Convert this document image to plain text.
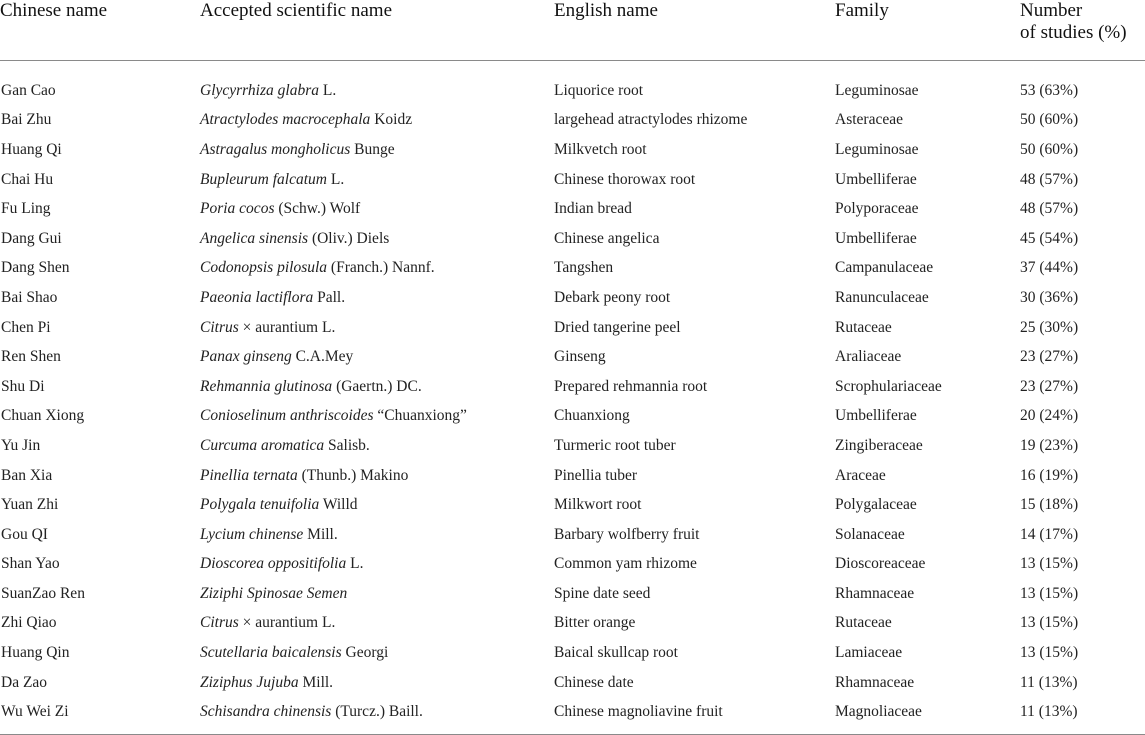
Chinese name	Accepted scientific name	English name	Family	Number
of studies (%)

Gan Cao	Glycyrrhiza glabra L.	Liquorice root	Leguminosae	53 (63%)
Bai Zhu	Atractylodes macrocephala Koidz	largehead atractylodes rhizome	Asteraceae	50 (60%)
Huang Qi	Astragalus mongholicus Bunge	Milkvetch root	Leguminosae	50 (60%)
Chai Hu	Bupleurum falcatum L.	Chinese thorowax root	Umbelliferae	48 (57%)
Fu Ling	Poria cocos (Schw.) Wolf	Indian bread	Polyporaceae	48 (57%)
Dang Gui	Angelica sinensis (Oliv.) Diels	Chinese angelica	Umbelliferae	45 (54%)
Dang Shen	Codonopsis pilosula (Franch.) Nannf.	Tangshen	Campanulaceae	37 (44%)
Bai Shao	Paeonia lactiflora Pall.	Debark peony root	Ranunculaceae	30 (36%)
Chen Pi	Citrus × aurantium L.	Dried tangerine peel	Rutaceae	25 (30%)
Ren Shen	Panax ginseng C.A.Mey	Ginseng	Araliaceae	23 (27%)
Shu Di	Rehmannia glutinosa (Gaertn.) DC.	Prepared rehmannia root	Scrophulariaceae	23 (27%)
Chuan Xiong	Conioselinum anthriscoides “Chuanxiong”	Chuanxiong	Umbelliferae	20 (24%)
Yu Jin	Curcuma aromatica Salisb.	Turmeric root tuber	Zingiberaceae	19 (23%)
Ban Xia	Pinellia ternata (Thunb.) Makino	Pinellia tuber	Araceae	16 (19%)
Yuan Zhi	Polygala tenuifolia Willd	Milkwort root	Polygalaceae	15 (18%)
Gou QI	Lycium chinense Mill.	Barbary wolfberry fruit	Solanaceae	14 (17%)
Shan Yao	Dioscorea oppositifolia L.	Common yam rhizome	Dioscoreaceae	13 (15%)
SuanZao Ren	Ziziphi Spinosae Semen	Spine date seed	Rhamnaceae	13 (15%)
Zhi Qiao	Citrus × aurantium L.	Bitter orange	Rutaceae	13 (15%)
Huang Qin	Scutellaria baicalensis Georgi	Baical skullcap root	Lamiaceae	13 (15%)
Da Zao	Ziziphus Jujuba Mill.	Chinese date	Rhamnaceae	11 (13%)
Wu Wei Zi	Schisandra chinensis (Turcz.) Baill.	Chinese magnoliavine fruit	Magnoliaceae	11 (13%)
